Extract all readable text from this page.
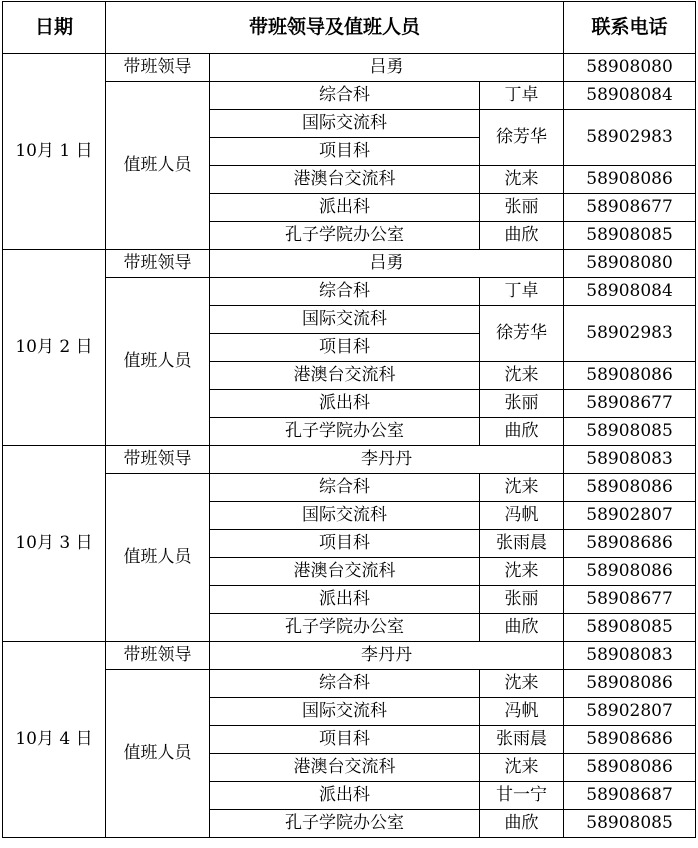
日期	带班领导及值班人员			联系电话
10月 1 日	带班领导	吕勇		58908080
	值班人员	综合科	丁卓	58908084
		国际交流科	徐芳华	58902983
		项目科		
		港澳台交流科	沈来	58908086
		派出科	张丽	58908677
		孔子学院办公室	曲欣	58908085
10月 2 日	带班领导	吕勇		58908080
	值班人员	综合科	丁卓	58908084
		国际交流科	徐芳华	58902983
		项目科		
		港澳台交流科	沈来	58908086
		派出科	张丽	58908677
		孔子学院办公室	曲欣	58908085
10月 3 日	带班领导	李丹丹		58908083
	值班人员	综合科	沈来	58908086
		国际交流科	冯帆	58902807
		项目科	张雨晨	58908686
		港澳台交流科	沈来	58908086
		派出科	张丽	58908677
		孔子学院办公室	曲欣	58908085
10月 4 日	带班领导	李丹丹		58908083
	值班人员	综合科	沈来	58908086
		国际交流科	冯帆	58902807
		项目科	张雨晨	58908686
		港澳台交流科	沈来	58908086
		派出科	甘一宁	58908687
		孔子学院办公室	曲欣	58908085
